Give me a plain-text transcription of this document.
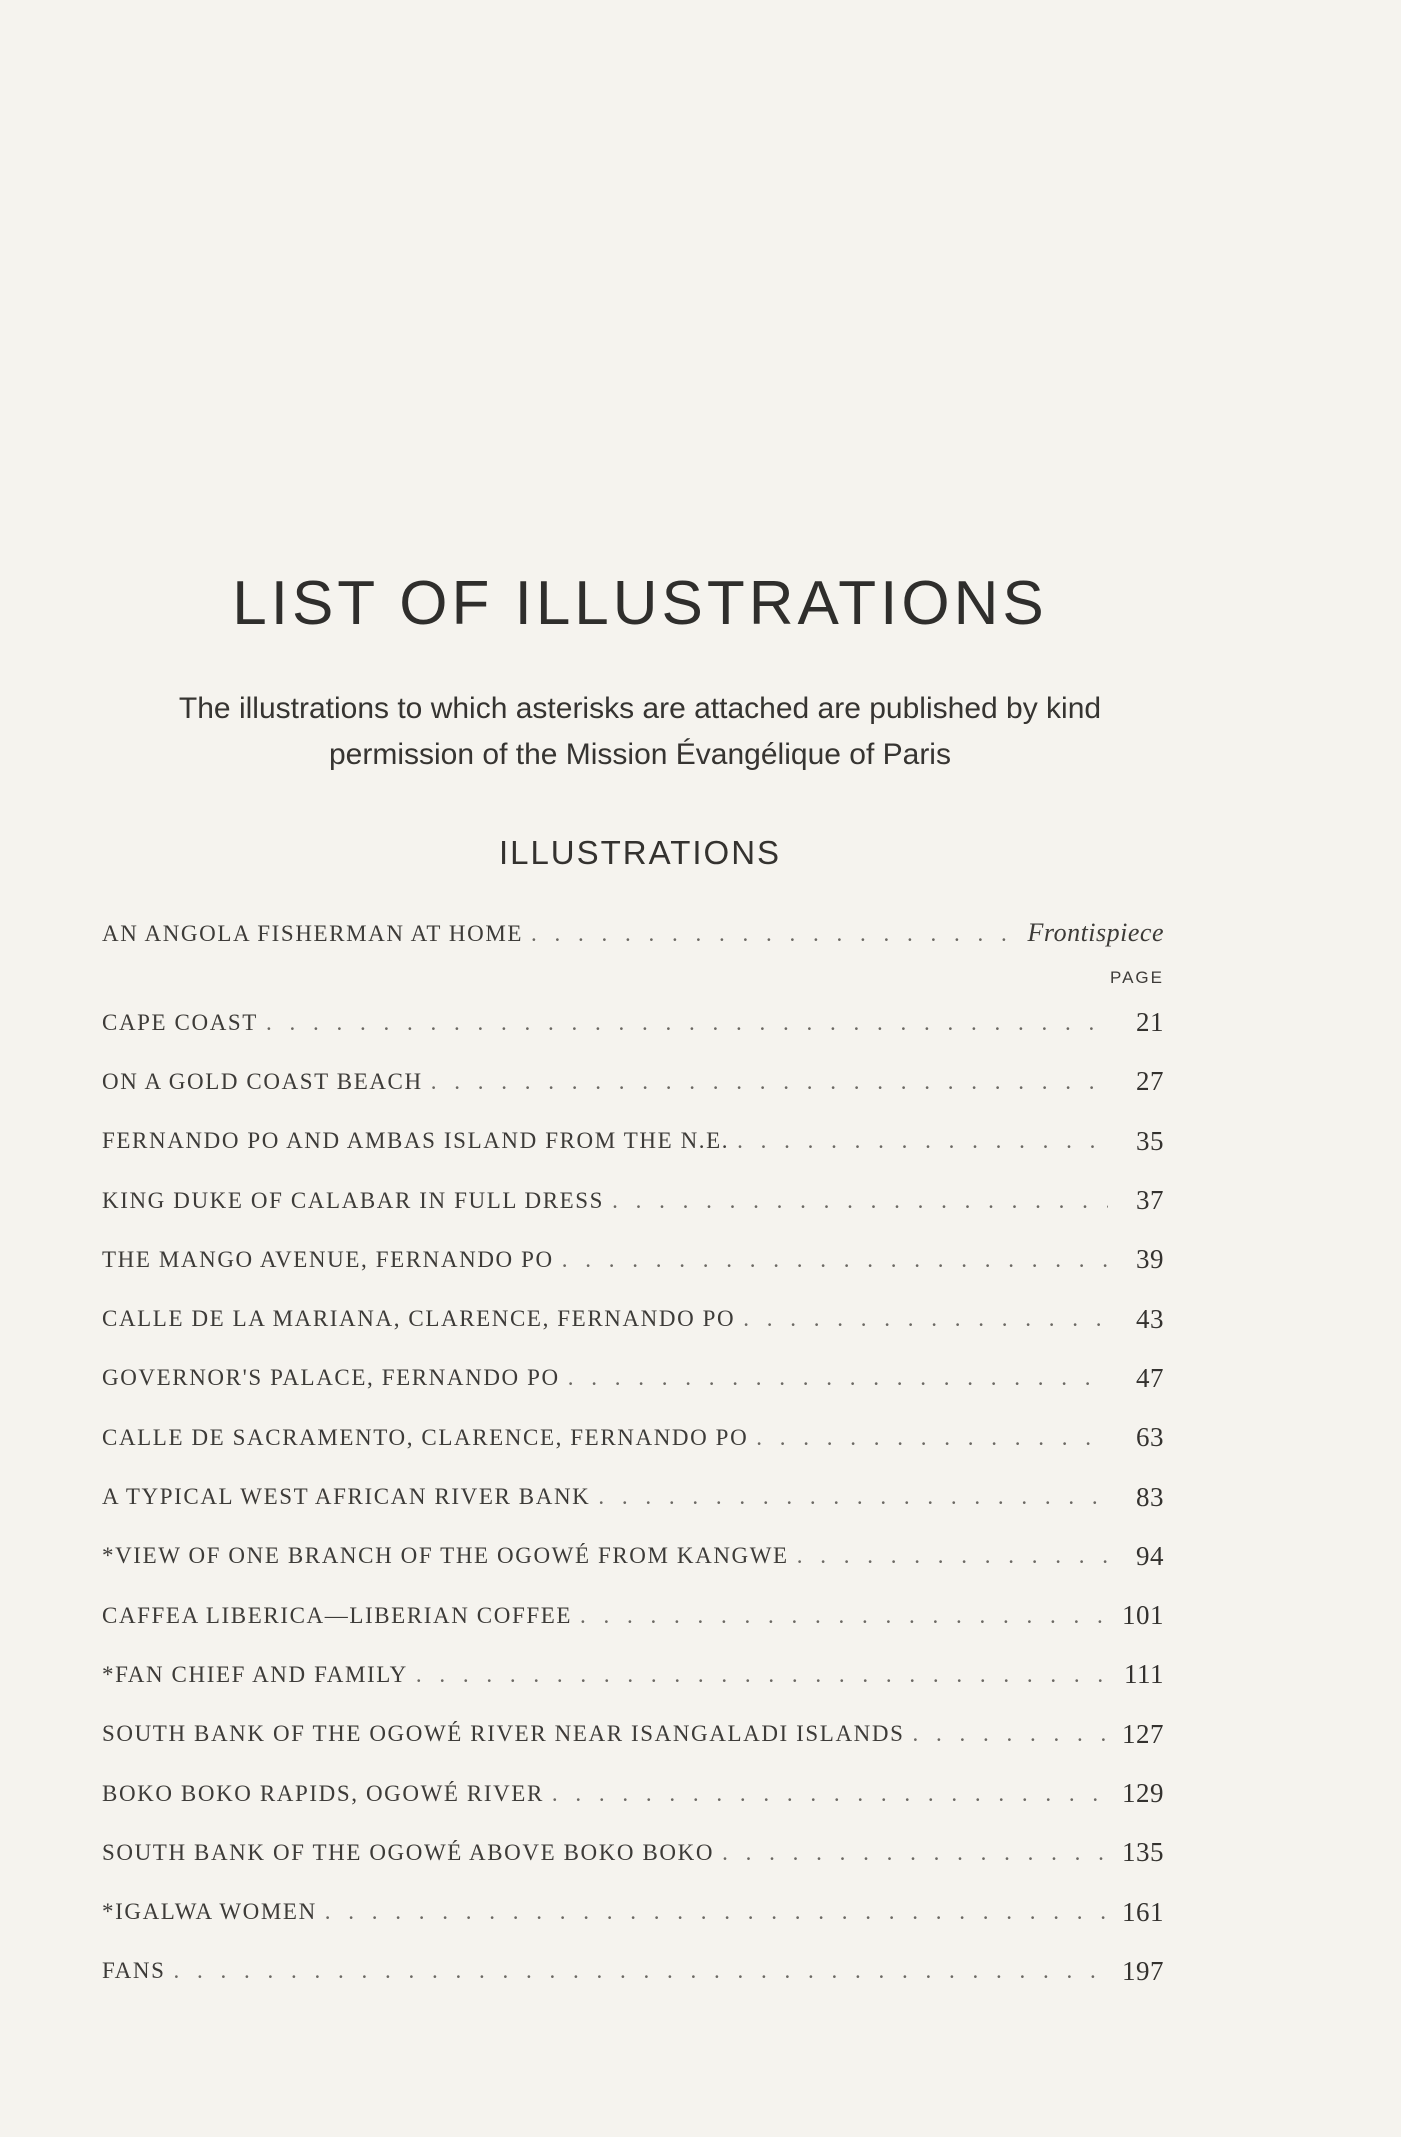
LIST OF ILLUSTRATIONS

The illustrations to which asterisks are attached are published by kind

permission of the Mission Évangélique of Paris

ILLUSTRATIONS
AN ANGOLA FISHERMAN AT HOME . . .	Frontispiece
PAGE
CAPE COAST . . .	21
ON A GOLD COAST BEACH . . .	27
FERNANDO PO AND AMBAS ISLAND FROM THE N.E. . . .	35
KING DUKE OF CALABAR IN FULL DRESS . . .	37
THE MANGO AVENUE, FERNANDO PO . . .	39
CALLE DE LA MARIANA, CLARENCE, FERNANDO PO . . .	43
GOVERNOR'S PALACE, FERNANDO PO . . .	47
CALLE DE SACRAMENTO, CLARENCE, FERNANDO PO . . .	63
A TYPICAL WEST AFRICAN RIVER BANK . . .	83
*VIEW OF ONE BRANCH OF THE OGOWÉ FROM KANGWE . . .	94
CAFFEA LIBERICA—LIBERIAN COFFEE . . .	101
*FAN CHIEF AND FAMILY . . .	111
SOUTH BANK OF THE OGOWÉ RIVER NEAR ISANGALADI ISLANDS . . .	127
BOKO BOKO RAPIDS, OGOWÉ RIVER . . .	129
SOUTH BANK OF THE OGOWÉ ABOVE BOKO BOKO . . .	135
*IGALWA WOMEN . . .	161
FANS . . .	197
